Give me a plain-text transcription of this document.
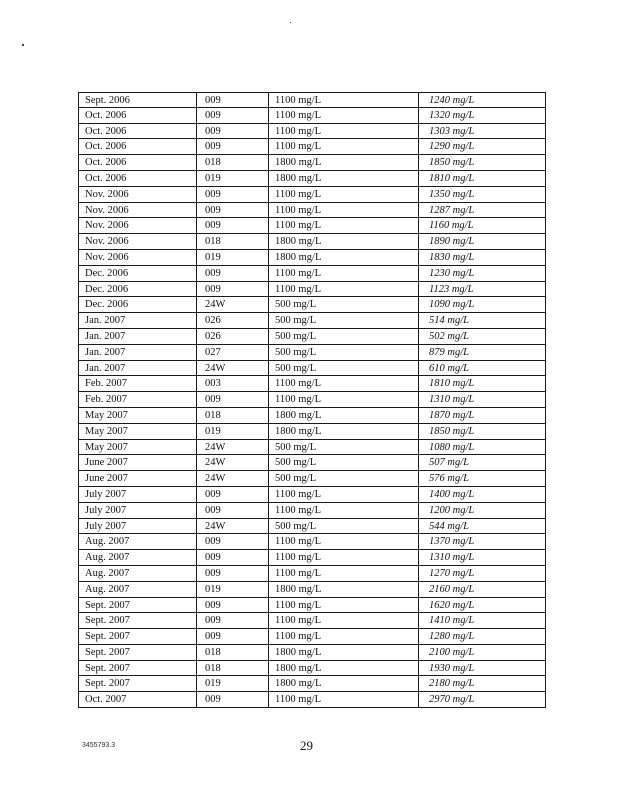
Sept. 2006	009	1100 mg/L	1240 mg/L
Oct. 2006	009	1100 mg/L	1320 mg/L
Oct. 2006	009	1100 mg/L	1303 mg/L
Oct. 2006	009	1100 mg/L	1290 mg/L
Oct. 2006	018	1800 mg/L	1850 mg/L
Oct. 2006	019	1800 mg/L	1810 mg/L
Nov. 2006	009	1100 mg/L	1350 mg/L
Nov. 2006	009	1100 mg/L	1287 mg/L
Nov. 2006	009	1100 mg/L	1160 mg/L
Nov. 2006	018	1800 mg/L	1890 mg/L
Nov. 2006	019	1800 mg/L	1830 mg/L
Dec. 2006	009	1100 mg/L	1230 mg/L
Dec. 2006	009	1100 mg/L	1123 mg/L
Dec. 2006	24W	500 mg/L	1090 mg/L
Jan. 2007	026	500 mg/L	514 mg/L
Jan. 2007	026	500 mg/L	502 mg/L
Jan. 2007	027	500 mg/L	879 mg/L
Jan. 2007	24W	500 mg/L	610 mg/L
Feb. 2007	003	1100 mg/L	1810 mg/L
Feb. 2007	009	1100 mg/L	1310 mg/L
May 2007	018	1800 mg/L	1870 mg/L
May 2007	019	1800 mg/L	1850 mg/L
May 2007	24W	500 mg/L	1080 mg/L
June 2007	24W	500 mg/L	507 mg/L
June 2007	24W	500 mg/L	576 mg/L
July 2007	009	1100 mg/L	1400 mg/L
July 2007	009	1100 mg/L	1200 mg/L
July 2007	24W	500 mg/L	544 mg/L
Aug. 2007	009	1100 mg/L	1370 mg/L
Aug. 2007	009	1100 mg/L	1310 mg/L
Aug. 2007	009	1100 mg/L	1270 mg/L
Aug. 2007	019	1800 mg/L	2160 mg/L
Sept. 2007	009	1100 mg/L	1620 mg/L
Sept. 2007	009	1100 mg/L	1410 mg/L
Sept. 2007	009	1100 mg/L	1280 mg/L
Sept. 2007	018	1800 mg/L	2100 mg/L
Sept. 2007	018	1800 mg/L	1930 mg/L
Sept. 2007	019	1800 mg/L	2180 mg/L
Oct. 2007	009	1100 mg/L	2970 mg/L
3455793.3	29
